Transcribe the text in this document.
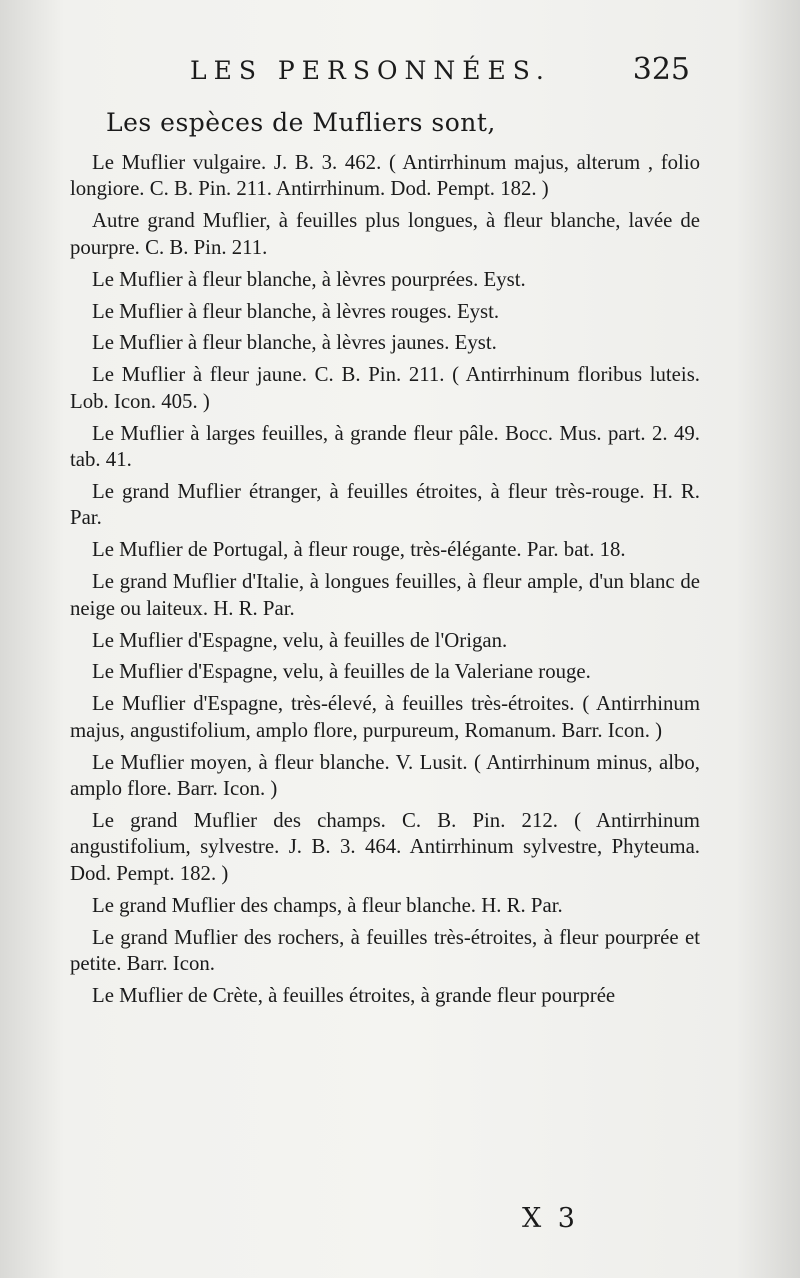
LES PERSONNÉES.	325
Les espèces de Mufliers sont,

Le Muflier vulgaire. J. B. 3. 462. ( Antirrhinum majus, alterum , folio longiore. C. B. Pin. 211. Antirrhinum. Dod. Pempt. 182. )

Autre grand Muflier, à feuilles plus longues, à fleur blanche, lavée de pourpre. C. B. Pin. 211.

Le Muflier à fleur blanche, à lèvres pourprées. Eyst.

Le Muflier à fleur blanche, à lèvres rouges. Eyst.

Le Muflier à fleur blanche, à lèvres jaunes. Eyst.

Le Muflier à fleur jaune. C. B. Pin. 211. ( Antirrhinum floribus luteis. Lob. Icon. 405. )

Le Muflier à larges feuilles, à grande fleur pâle. Bocc. Mus. part. 2. 49. tab. 41.

Le grand Muflier étranger, à feuilles étroites, à fleur très-rouge. H. R. Par.

Le Muflier de Portugal, à fleur rouge, très-élégante. Par. bat. 18.

Le grand Muflier d'Italie, à longues feuilles, à fleur ample, d'un blanc de neige ou laiteux. H. R. Par.

Le Muflier d'Espagne, velu, à feuilles de l'Origan.

Le Muflier d'Espagne, velu, à feuilles de la Valeriane rouge.

Le Muflier d'Espagne, très-élevé, à feuilles très-étroites. ( Antirrhinum majus, angustifolium, amplo flore, purpureum, Romanum. Barr. Icon. )

Le Muflier moyen, à fleur blanche. V. Lusit. ( Antirrhinum minus, albo, amplo flore. Barr. Icon. )

Le grand Muflier des champs. C. B. Pin. 212. ( Antirrhinum angustifolium, sylvestre. J. B. 3. 464. Antirrhinum sylvestre, Phyteuma. Dod. Pempt. 182. )

Le grand Muflier des champs, à fleur blanche. H. R. Par.

Le grand Muflier des rochers, à feuilles très-étroites, à fleur pourprée et petite. Barr. Icon.

Le Muflier de Crète, à feuilles étroites, à grande fleur pourprée

X 3
